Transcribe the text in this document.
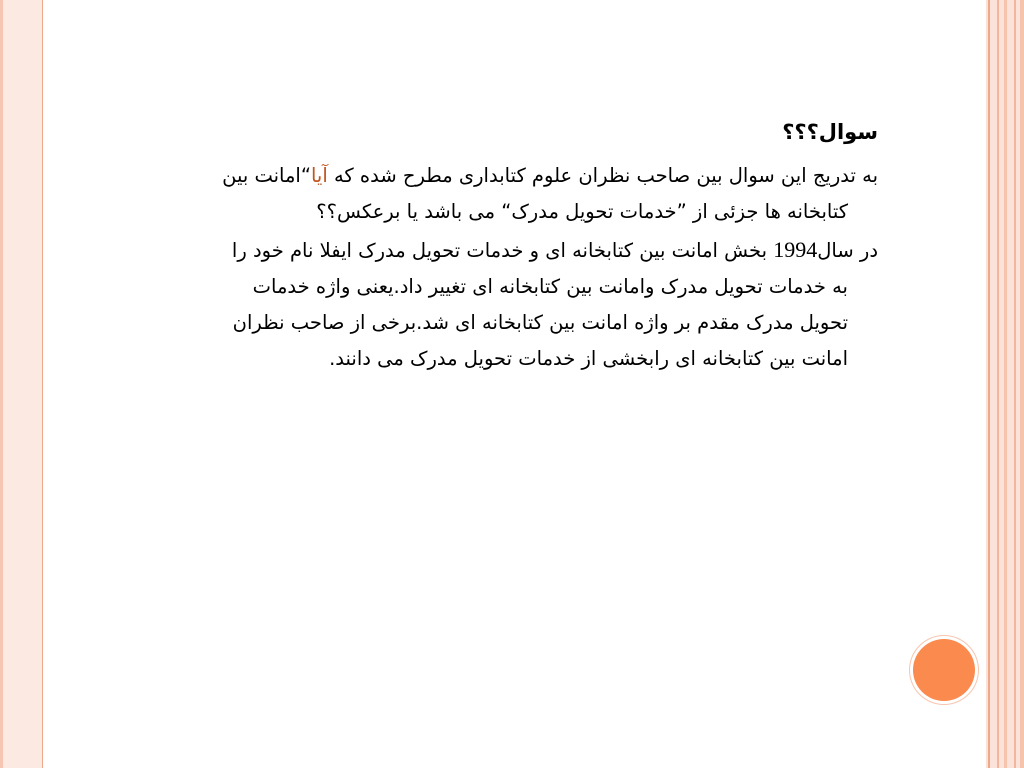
سوال؟؟؟
به تدریج این سوال بین صاحب نظران علوم کتابداری مطرح شده که آیا“امانت بین
کتابخانه ها جزئی از ”خدمات تحویل مدرک“ می باشد یا برعکس؟؟
در سال1994 بخش امانت بین کتابخانه ای و خدمات تحویل مدرک ایفلا نام خود را
به خدمات تحویل مدرک وامانت بین کتابخانه ای تغییر داد.یعنی واژه خدمات
تحویل مدرک مقدم بر واژه امانت بین کتابخانه ای شد.برخی از صاحب نظران
امانت بین کتابخانه ای رابخشی از خدمات تحویل مدرک می دانند.
